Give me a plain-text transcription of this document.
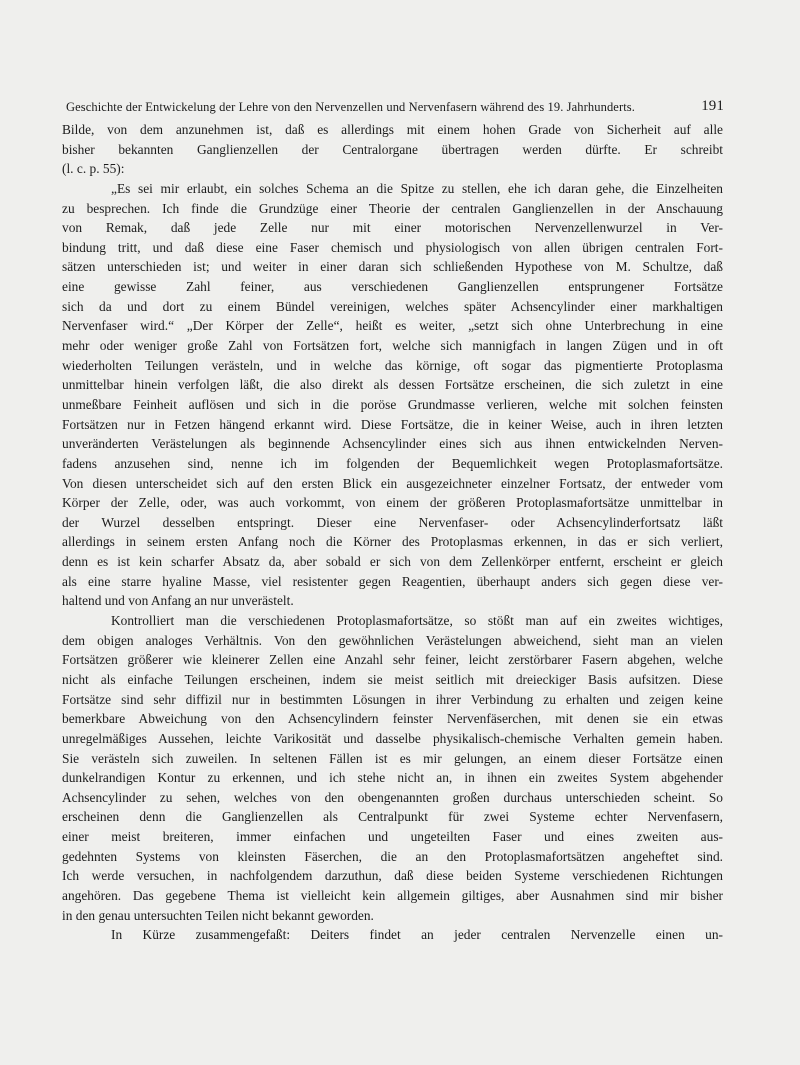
Geschichte der Entwickelung der Lehre von den Nervenzellen und Nervenfasern während des 19. Jahrhunderts.	191
Bilde, von dem anzunehmen ist, daß es allerdings mit einem hohen Grade von Sicherheit auf alle
bisher bekannten Ganglienzellen der Centralorgane übertragen werden dürfte. Er schreibt
(l. c. p. 55):
„Es sei mir erlaubt, ein solches Schema an die Spitze zu stellen, ehe ich daran gehe, die Einzelheiten
zu besprechen. Ich finde die Grundzüge einer Theorie der centralen Ganglienzellen in der Anschauung
von Remak, daß jede Zelle nur mit einer motorischen Nervenzellenwurzel in Ver-
bindung tritt, und daß diese eine Faser chemisch und physiologisch von allen übrigen centralen Fort-
sätzen unterschieden ist; und weiter in einer daran sich schließenden Hypothese von M. Schultze, daß
eine gewisse Zahl feiner, aus verschiedenen Ganglienzellen entsprungener Fortsätze
sich da und dort zu einem Bündel vereinigen, welches später Achsencylinder einer markhaltigen
Nervenfaser wird.“ „Der Körper der Zelle“, heißt es weiter, „setzt sich ohne Unterbrechung in eine
mehr oder weniger große Zahl von Fortsätzen fort, welche sich mannigfach in langen Zügen und in oft
wiederholten Teilungen verästeln, und in welche das körnige, oft sogar das pigmentierte Protoplasma
unmittelbar hinein verfolgen läßt, die also direkt als dessen Fortsätze erscheinen, die sich zuletzt in eine
unmeßbare Feinheit auflösen und sich in die poröse Grundmasse verlieren, welche mit solchen feinsten
Fortsätzen nur in Fetzen hängend erkannt wird. Diese Fortsätze, die in keiner Weise, auch in ihren letzten
unveränderten Verästelungen als beginnende Achsencylinder eines sich aus ihnen entwickelnden Nerven-
fadens anzusehen sind, nenne ich im folgenden der Bequemlichkeit wegen Protoplasmafortsätze.
Von diesen unterscheidet sich auf den ersten Blick ein ausgezeichneter einzelner Fortsatz, der entweder vom
Körper der Zelle, oder, was auch vorkommt, von einem der größeren Protoplasmafortsätze unmittelbar in
der Wurzel desselben entspringt. Dieser eine Nervenfaser- oder Achsencylinderfortsatz läßt
allerdings in seinem ersten Anfang noch die Körner des Protoplasmas erkennen, in das er sich verliert,
denn es ist kein scharfer Absatz da, aber sobald er sich von dem Zellenkörper entfernt, erscheint er gleich
als eine starre hyaline Masse, viel resistenter gegen Reagentien, überhaupt anders sich gegen diese ver-
haltend und von Anfang an nur unverästelt.
Kontrolliert man die verschiedenen Protoplasmafortsätze, so stößt man auf ein zweites wichtiges,
dem obigen analoges Verhältnis. Von den gewöhnlichen Verästelungen abweichend, sieht man an vielen
Fortsätzen größerer wie kleinerer Zellen eine Anzahl sehr feiner, leicht zerstörbarer Fasern abgehen, welche
nicht als einfache Teilungen erscheinen, indem sie meist seitlich mit dreieckiger Basis aufsitzen. Diese
Fortsätze sind sehr diffizil nur in bestimmten Lösungen in ihrer Verbindung zu erhalten und zeigen keine
bemerkbare Abweichung von den Achsencylindern feinster Nervenfäserchen, mit denen sie ein etwas
unregelmäßiges Aussehen, leichte Varikosität und dasselbe physikalisch-chemische Verhalten gemein haben.
Sie verästeln sich zuweilen. In seltenen Fällen ist es mir gelungen, an einem dieser Fortsätze einen
dunkelrandigen Kontur zu erkennen, und ich stehe nicht an, in ihnen ein zweites System abgehender
Achsencylinder zu sehen, welches von den obengenannten großen durchaus unterschieden scheint. So
erscheinen denn die Ganglienzellen als Centralpunkt für zwei Systeme echter Nervenfasern,
einer meist breiteren, immer einfachen und ungeteilten Faser und eines zweiten aus-
gedehnten Systems von kleinsten Fäserchen, die an den Protoplasmafortsätzen angeheftet sind.
Ich werde versuchen, in nachfolgendem darzuthun, daß diese beiden Systeme verschiedenen Richtungen
angehören. Das gegebene Thema ist vielleicht kein allgemein giltiges, aber Ausnahmen sind mir bisher
in den genau untersuchten Teilen nicht bekannt geworden.
In Kürze zusammengefaßt: Deiters findet an jeder centralen Nervenzelle einen un-
